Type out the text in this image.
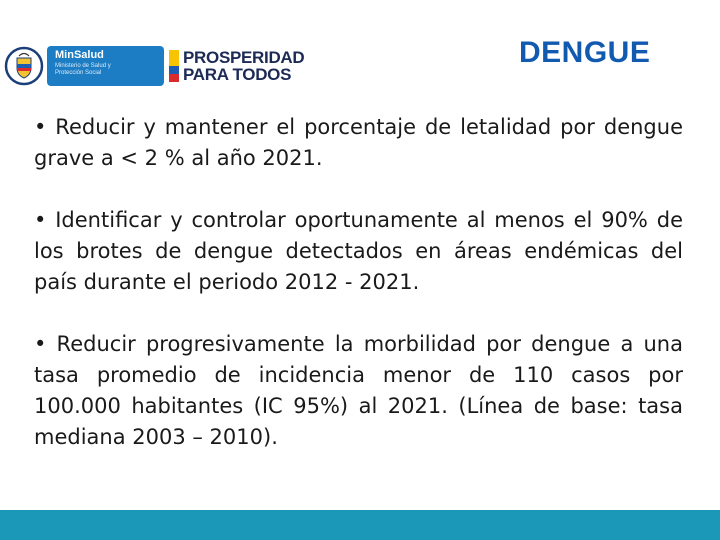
MinSalud
Ministerio de Salud y Protección Social
PROSPERIDAD
PARA TODOS
DENGUE

• Reducir y mantener el porcentaje de letalidad por dengue grave a < 2 % al año 2021.

• Identificar y controlar oportunamente al menos el 90% de los brotes de dengue detectados en áreas endémicas del país durante el periodo 2012 - 2021.

• Reducir progresivamente la morbilidad por dengue a una tasa promedio de incidencia menor de 110 casos por 100.000 habitantes (IC 95%) al 2021. (Línea de base: tasa mediana 2003 – 2010).
